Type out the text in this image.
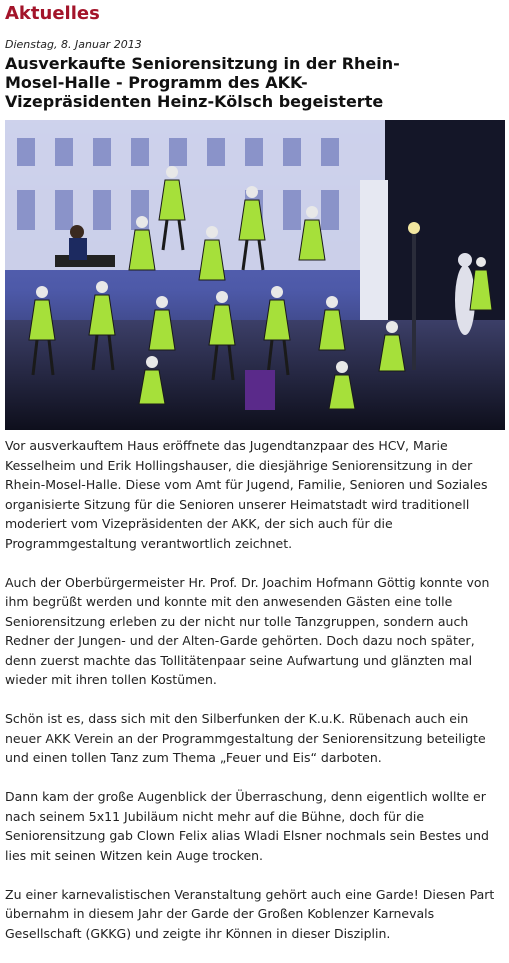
Aktuelles
Dienstag, 8. Januar 2013
Ausverkaufte Seniorensitzung in der Rhein-
Mosel-Halle - Programm des AKK-
Vizepräsidenten Heinz-Kölsch begeisterte

Vor ausverkauftem Haus eröffnete das Jugendtanzpaar des HCV, Marie
Kesselheim und Erik Hollingshauser, die diesjährige Seniorensitzung in der
Rhein-Mosel-Halle. Diese vom Amt für Jugend, Familie, Senioren und Soziales
organisierte Sitzung für die Senioren unserer Heimatstadt wird traditionell
moderiert vom Vizepräsidenten der AKK, der sich auch für die
Programmgestaltung verantwortlich zeichnet.

Auch der Oberbürgermeister Hr. Prof. Dr. Joachim Hofmann Göttig konnte von
ihm begrüßt werden und konnte mit den anwesenden Gästen eine tolle
Seniorensitzung erleben zu der nicht nur tolle Tanzgruppen, sondern auch
Redner der Jungen- und der Alten-Garde gehörten. Doch dazu noch später,
denn zuerst machte das Tollitätenpaar seine Aufwartung und glänzten mal
wieder mit ihren tollen Kostümen.

Schön ist es, dass sich mit den Silberfunken der K.u.K. Rübenach auch ein
neuer AKK Verein an der Programmgestaltung der Seniorensitzung beteiligte
und einen tollen Tanz zum Thema „Feuer und Eis“ darboten.

Dann kam der große Augenblick der Überraschung, denn eigentlich wollte er
nach seinem 5x11 Jubiläum nicht mehr auf die Bühne, doch für die
Seniorensitzung gab Clown Felix alias Wladi Elsner nochmals sein Bestes und
lies mit seinen Witzen kein Auge trocken.

Zu einer karnevalistischen Veranstaltung gehört auch eine Garde! Diesen Part
übernahm in diesem Jahr der Garde der Großen Koblenzer Karnevals
Gesellschaft (GKKG) und zeigte ihr Können in dieser Disziplin.
